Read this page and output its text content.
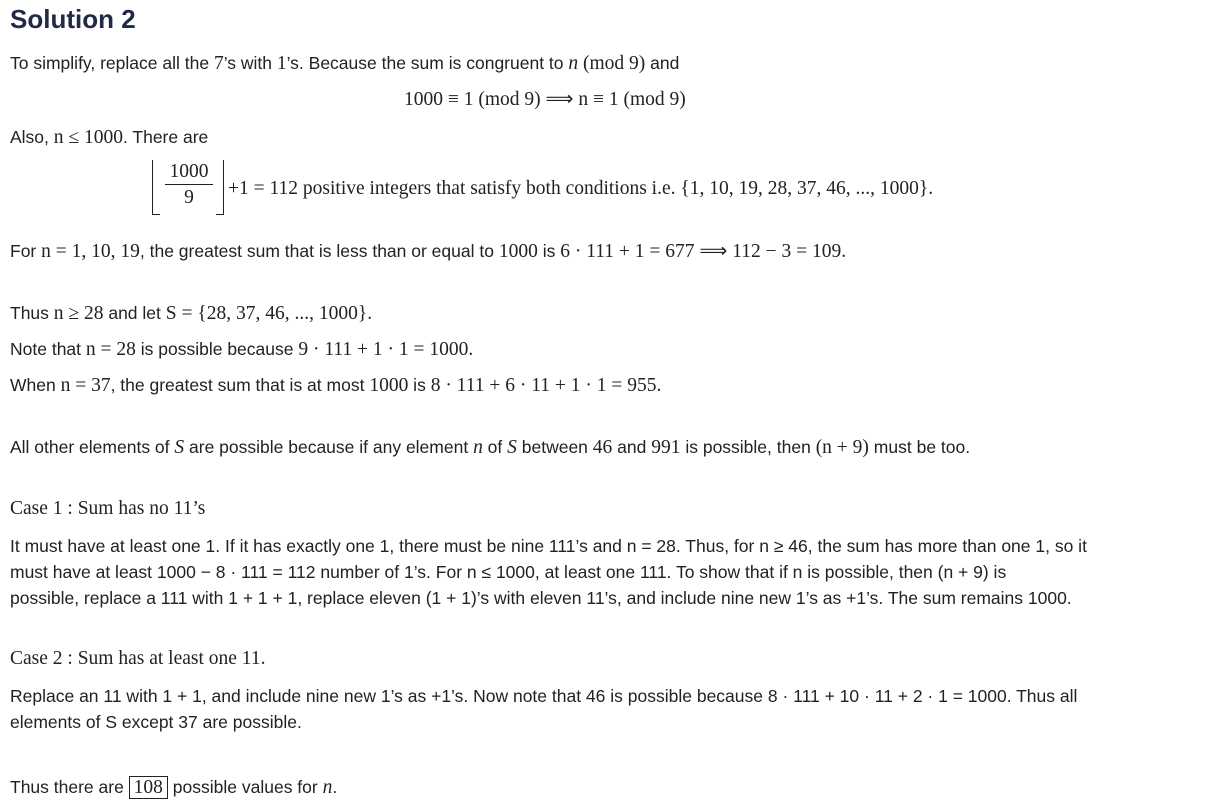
Solution 2
To simplify, replace all the 7’s with 1’s. Because the sum is congruent to n (mod 9) and
1000 ≡ 1 (mod 9) ⟹ n ≡ 1 (mod 9)
Also, n ≤ 1000. There are
1000
9	+1 = 112 positive integers that satisfy both conditions i.e. {1, 10, 19, 28, 37, 46, ..., 1000}.
For n = 1, 10, 19, the greatest sum that is less than or equal to 1000 is 6 · 111 + 1 = 677 ⟹ 112 − 3 = 109.
Thus n ≥ 28 and let S = {28, 37, 46, ..., 1000}.
Note that n = 28 is possible because 9 · 111 + 1 · 1 = 1000.
When n = 37, the greatest sum that is at most 1000 is 8 · 111 + 6 · 11 + 1 · 1 = 955.
All other elements of S are possible because if any element n of S between 46 and 991 is possible, then (n + 9) must be too.
Case 1 : Sum has no 11’s
It must have at least one 1. If it has exactly one 1, there must be nine 111’s and n = 28. Thus, for n ≥ 46, the sum has more than one 1, so it
must have at least 1000 − 8 · 111 = 112 number of 1’s. For n ≤ 1000, at least one 111. To show that if n is possible, then (n + 9) is
possible, replace a 111 with 1 + 1 + 1, replace eleven (1 + 1)’s with eleven 11’s, and include nine new 1’s as +1’s. The sum remains 1000.
Case 2 : Sum has at least one 11.
Replace an 11 with 1 + 1, and include nine new 1’s as +1’s. Now note that 46 is possible because 8 · 111 + 10 · 11 + 2 · 1 = 1000. Thus all
elements of S except 37 are possible.
Thus there are 108 possible values for n.
